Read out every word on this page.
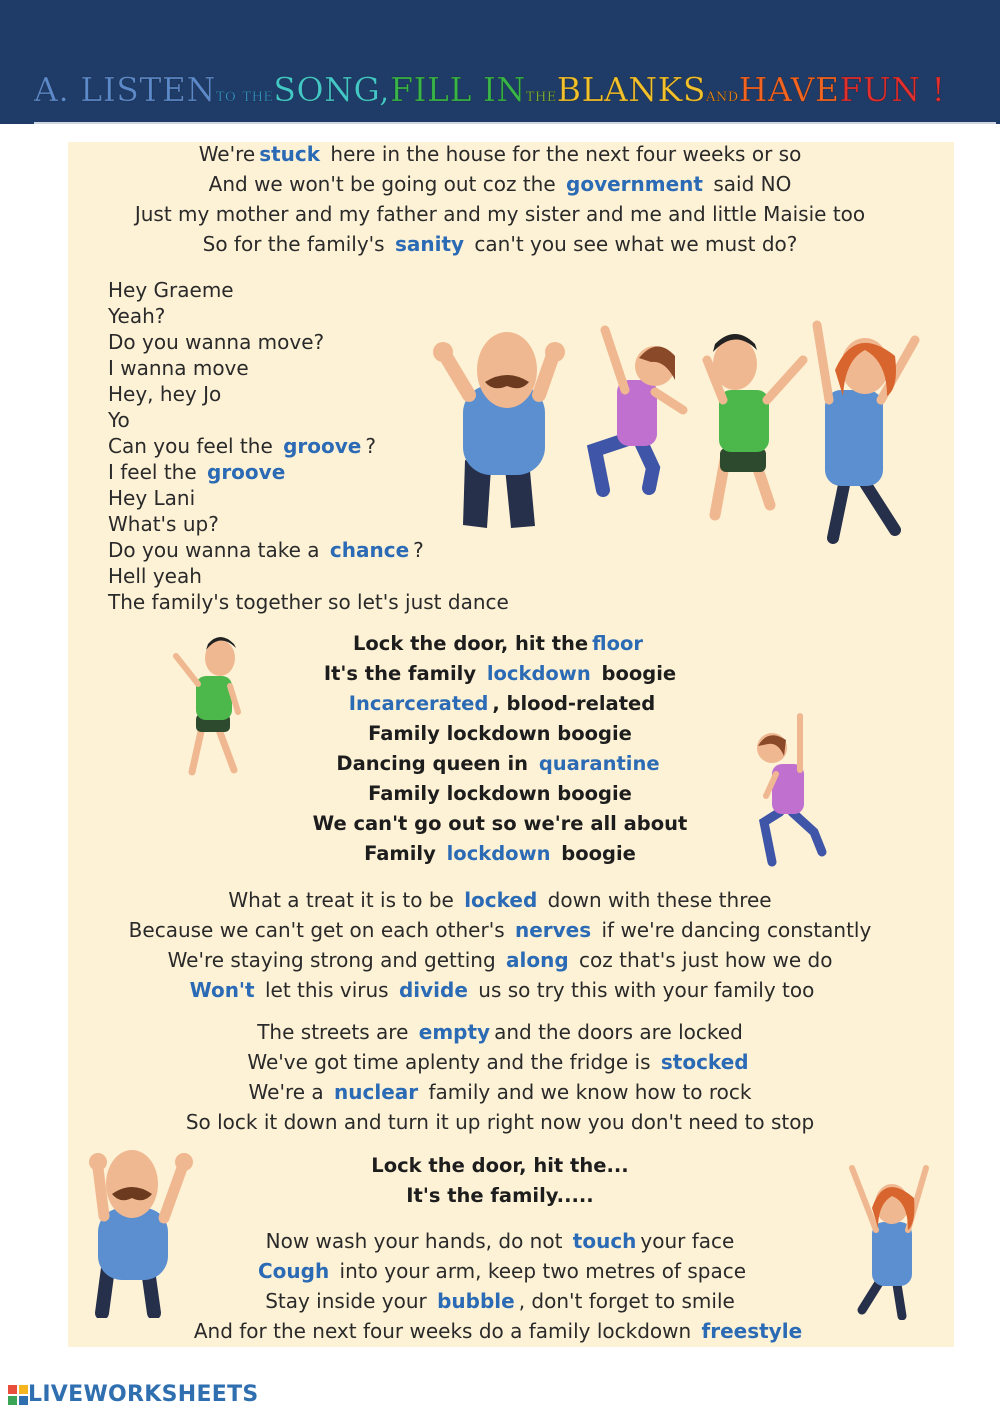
A. LISTENto theSONG,FILL INtheBLANKSandHAVEFUN !
We're stuck here in the house for the next four weeks or so
And we won't be going out coz the government said NO
Just my mother and my father and my sister and me and little Maisie too
So for the family's sanity can't you see what we must do?
Hey Graeme
Yeah?
Do you wanna move?
I wanna move
Hey, hey Jo
Yo
Can you feel the groove ?
I feel the groove
Hey Lani
What's up?
Do you wanna take a chance ?
Hell yeah
The family's together so let's just dance
Lock the door, hit the floor
It's the family lockdown boogie
Incarcerated , blood-related
Family lockdown boogie
Dancing queen in quarantine
Family lockdown boogie
We can't go out so we're all about
Family lockdown boogie
What a treat it is to be locked down with these three
Because we can't get on each other's nerves if we're dancing constantly
We're staying strong and getting along coz that's just how we do
Won't let this virus divide us so try this with your family too
The streets are empty and the doors are locked
We've got time aplenty and the fridge is stocked
We're a nuclear family and we know how to rock
So lock it down and turn it up right now you don't need to stop
Lock the door, hit the...
It's the family.....
Now wash your hands, do not touch your face
Cough into your arm, keep two metres of space
Stay inside your bubble , don't forget to smile
And for the next four weeks do a family lockdown freestyle
LIVEWORKSHEETS
